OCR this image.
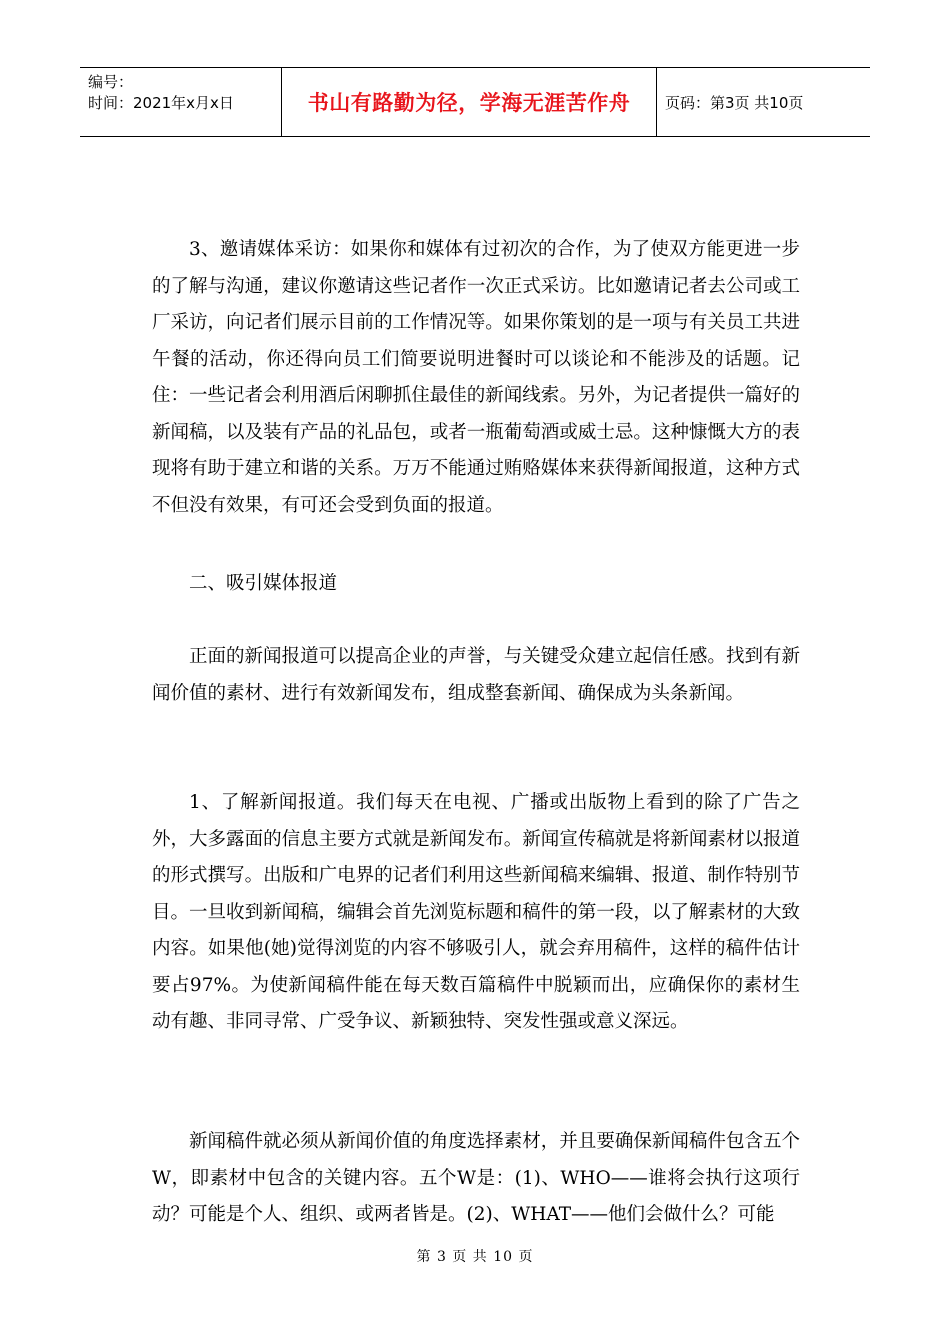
编号：
时间：2021年x月x日	书山有路勤为径，学海无涯苦作舟	页码：第3页 共10页

3、邀请媒体采访：如果你和媒体有过初次的合作，为了使双方能更进一步的了解与沟通，建议你邀请这些记者作一次正式采访。比如邀请记者去公司或工厂采访，向记者们展示目前的工作情况等。如果你策划的是一项与有关员工共进午餐的活动，你还得向员工们简要说明进餐时可以谈论和不能涉及的话题。记住：一些记者会利用酒后闲聊抓住最佳的新闻线索。另外，为记者提供一篇好的新闻稿，以及装有产品的礼品包，或者一瓶葡萄酒或威士忌。这种慷慨大方的表现将有助于建立和谐的关系。万万不能通过贿赂媒体来获得新闻报道，这种方式不但没有效果，有可还会受到负面的报道。

二、吸引媒体报道

正面的新闻报道可以提高企业的声誉，与关键受众建立起信任感。找到有新闻价值的素材、进行有效新闻发布，组成整套新闻、确保成为头条新闻。

1、了解新闻报道。我们每天在电视、广播或出版物上看到的除了广告之外，大多露面的信息主要方式就是新闻发布。新闻宣传稿就是将新闻素材以报道的形式撰写。出版和广电界的记者们利用这些新闻稿来编辑、报道、制作特别节目。一旦收到新闻稿，编辑会首先浏览标题和稿件的第一段，以了解素材的大致内容。如果他(她)觉得浏览的内容不够吸引人，就会弃用稿件，这样的稿件估计要占97%。为使新闻稿件能在每天数百篇稿件中脱颖而出，应确保你的素材生动有趣、非同寻常、广受争议、新颖独特、突发性强或意义深远。

新闻稿件就必须从新闻价值的角度选择素材，并且要确保新闻稿件包含五个W，即素材中包含的关键内容。五个W是：(1)、WHO——谁将会执行这项行动？可能是个人、组织、或两者皆是。(2)、WHAT——他们会做什么？可能

第 3 页 共 10 页
